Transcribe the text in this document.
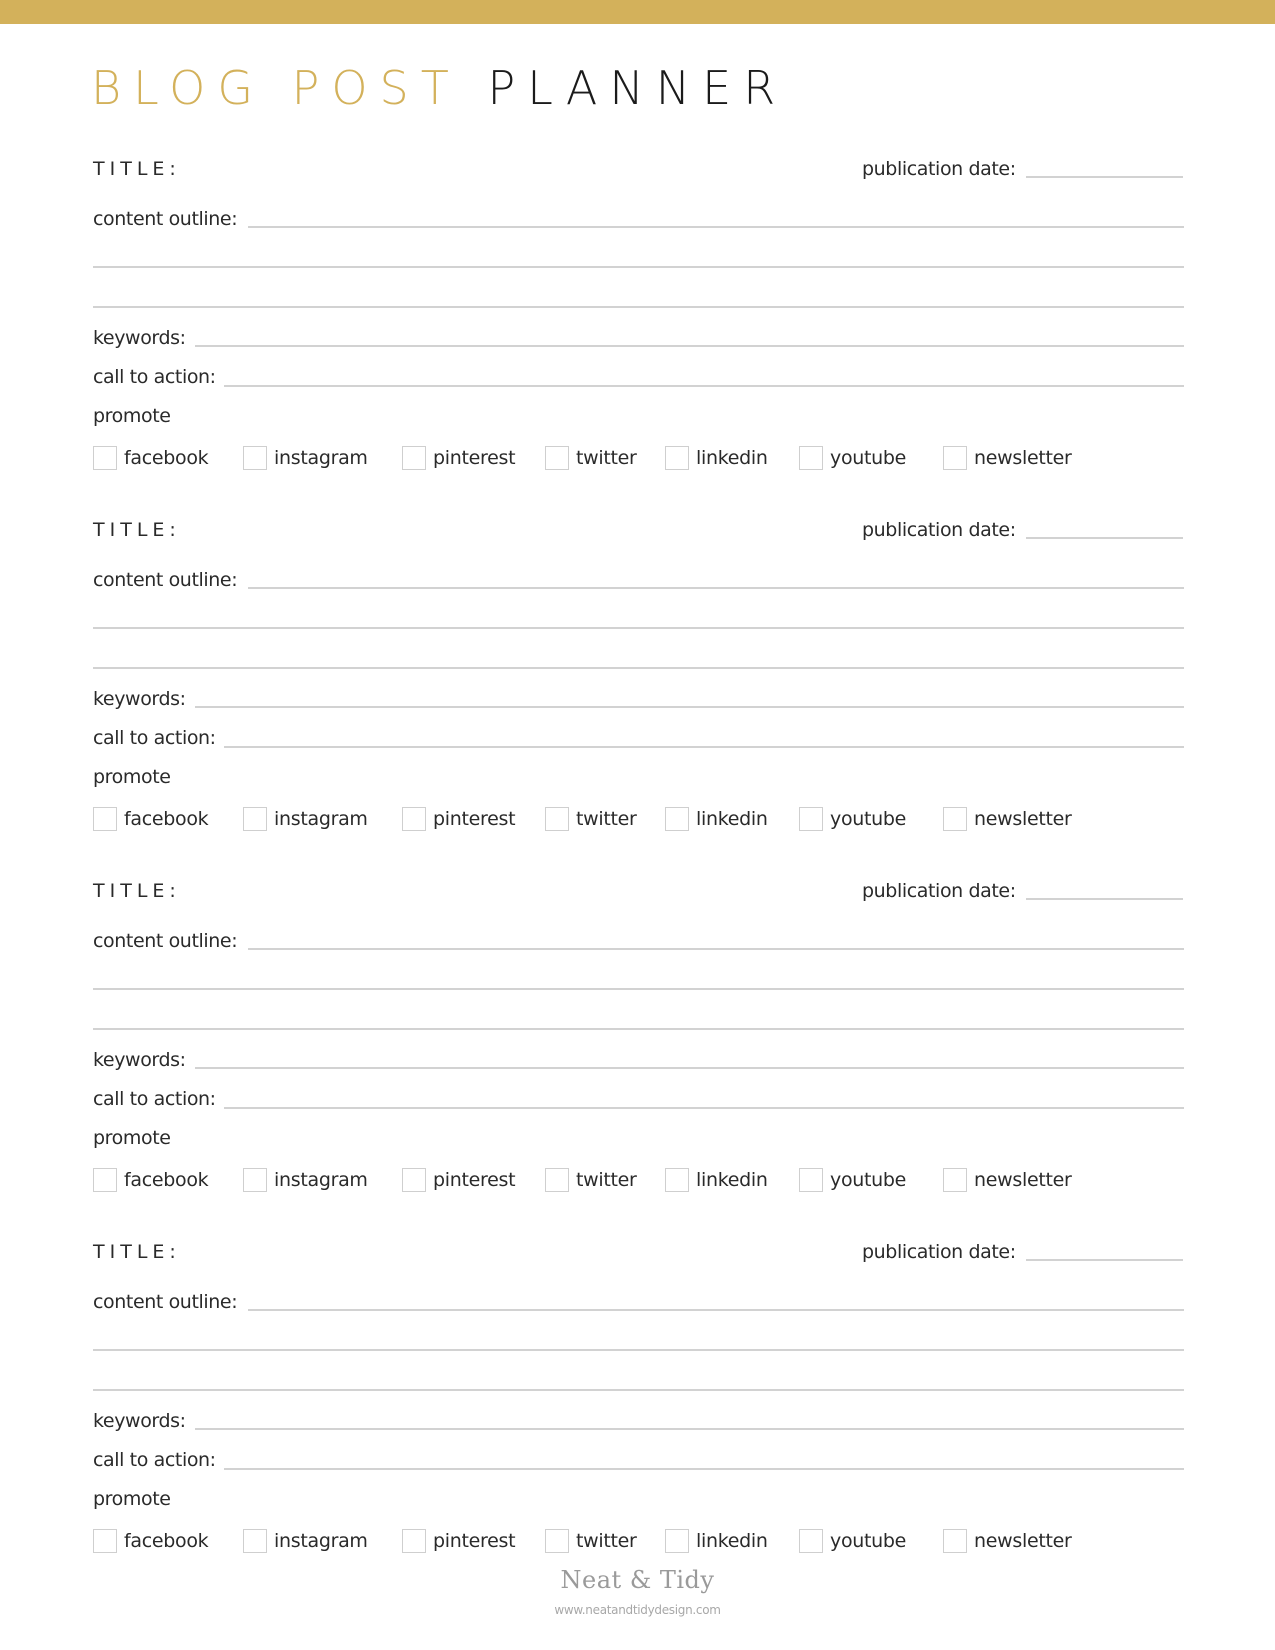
BLOG POST PLANNER
TITLE:	publication date:
content outline:
keywords:
call to action:
promote
facebook	instagram	pinterest	twitter	linkedin	youtube	newsletter
TITLE:	publication date:
content outline:
keywords:
call to action:
promote
facebook	instagram	pinterest	twitter	linkedin	youtube	newsletter
TITLE:	publication date:
content outline:
keywords:
call to action:
promote
facebook	instagram	pinterest	twitter	linkedin	youtube	newsletter
TITLE:	publication date:
content outline:
keywords:
call to action:
promote
facebook	instagram	pinterest	twitter	linkedin	youtube	newsletter
Neat & Tidy
www.neatandtidydesign.com
